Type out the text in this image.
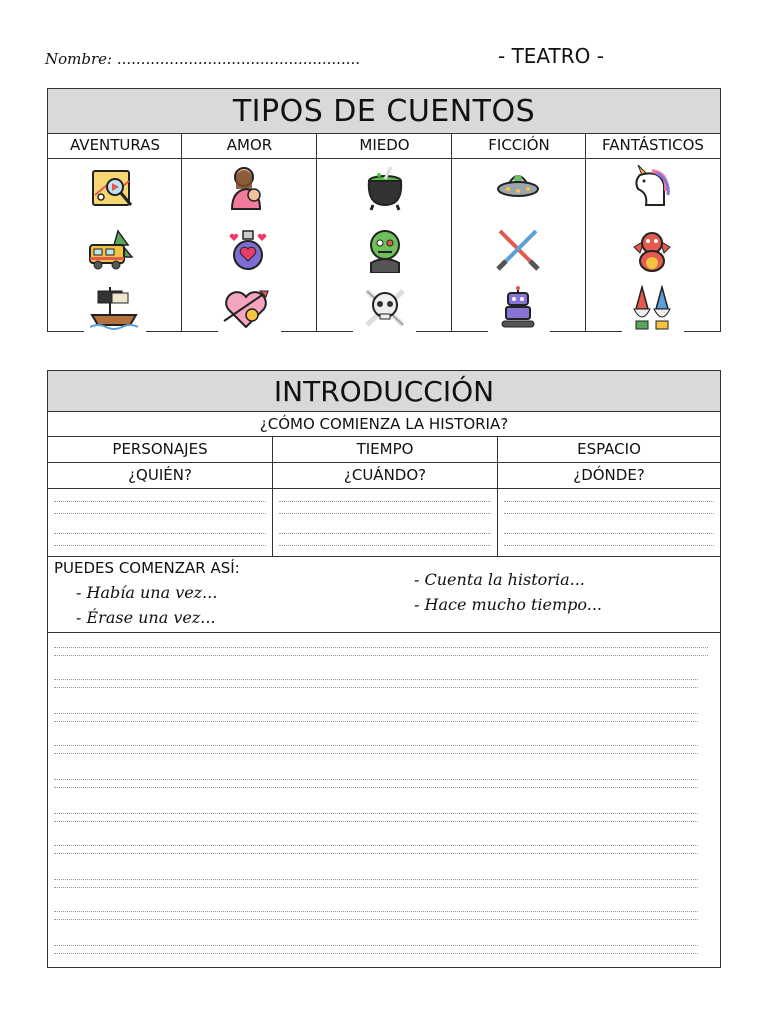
Nombre: ...................................................	- TEATRO -
TIPOS DE CUENTOS
AVENTURAS	AMOR	MIEDO	FICCIÓN	FANTÁSTICOS
INTRODUCCIÓN
¿CÓMO COMIENZA LA HISTORIA?
PERSONAJES	TIEMPO	ESPACIO
¿QUIÉN?	¿CUÁNDO?	¿DÓNDE?
PUEDES COMENZAR ASÍ:
- Había una vez...
- Érase una vez...
- Cuenta la historia...
- Hace mucho tiempo...
